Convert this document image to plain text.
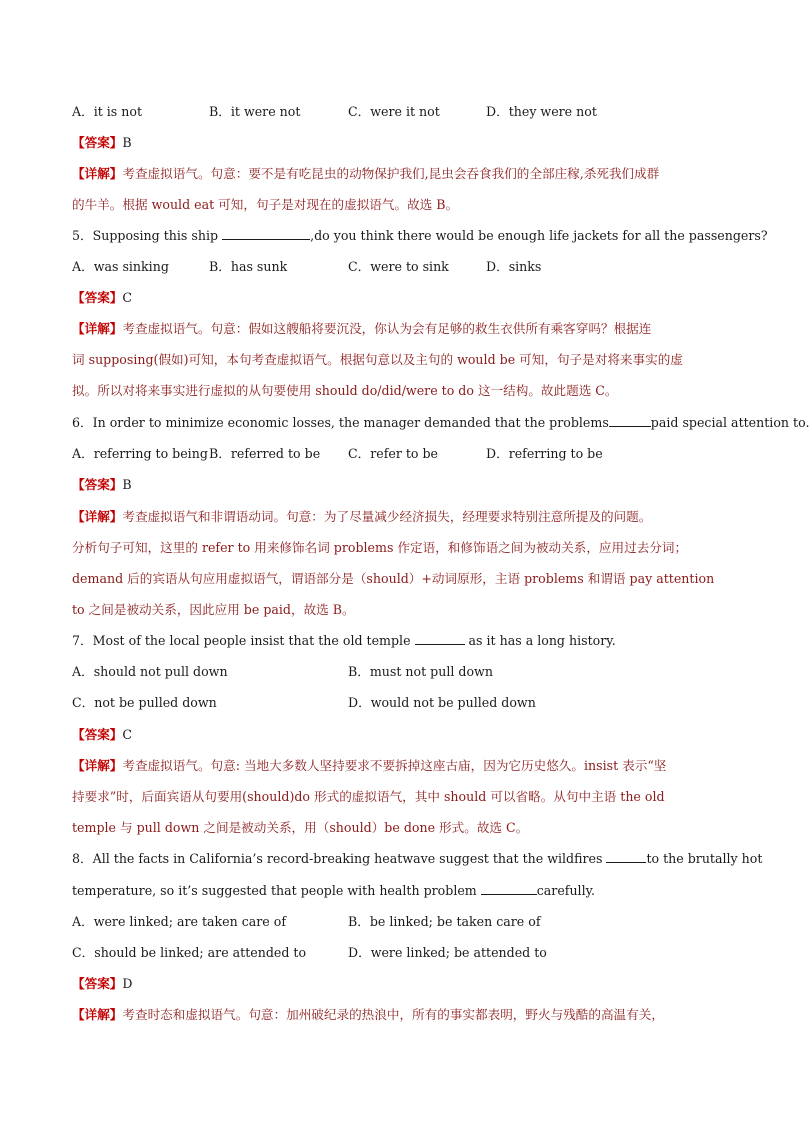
A．it is not	B．it were not	C．were it not	D．they were not
【答案】B
【详解】考查虚拟语气。句意：要不是有吃昆虫的动物保护我们,昆虫会吞食我们的全部庄稼,杀死我们成群
的牛羊。根据 would eat 可知，句子是对现在的虚拟语气。故选 B。
5．Supposing this ship	,do you think there would be enough life jackets for all the passengers?
A．was sinking	B．has sunk	C．were to sink	D．sinks
【答案】C
【详解】考查虚拟语气。句意：假如这艘船将要沉没，你认为会有足够的救生衣供所有乘客穿吗？根据连
词 supposing(假如)可知，本句考查虚拟语气。根据句意以及主句的 would be 可知，句子是对将来事实的虚
拟。所以对将来事实进行虚拟的从句要使用 should do/did/were to do 这一结构。故此题选 C。
6．In order to minimize economic losses, the manager demanded that the problems	paid special attention to.
A．referring to being B．referred to be C．refer to be	D．referring to be
【答案】B
【详解】考查虚拟语气和非谓语动词。句意：为了尽量减少经济损失，经理要求特别注意所提及的问题。
分析句子可知，这里的 refer to 用来修饰名词 problems 作定语，和修饰语之间为被动关系，应用过去分词；
demand 后的宾语从句应用虚拟语气，谓语部分是（should）+动词原形，主语 problems 和谓语 pay attention
to 之间是被动关系，因此应用 be paid，故选 B。
7．Most of the local people insist that the old temple	as it has a long history.
A．should not pull down	B．must not pull down
C．not be pulled down	D．would not be pulled down
【答案】C
【详解】考查虚拟语气。句意: 当地大多数人坚持要求不要拆掉这座古庙，因为它历史悠久。insist 表示“坚
持要求”时，后面宾语从句要用(should)do 形式的虚拟语气，其中 should 可以省略。从句中主语 the old
temple 与 pull down 之间是被动关系，用（should）be done 形式。故选 C。
8．All the facts in California’s record-breaking heatwave suggest that the wildfires	to the brutally hot
temperature, so it’s suggested that people with health problem	carefully.
A．were linked; are taken care of	B．be linked; be taken care of
C．should be linked; are attended to	D．were linked; be attended to
【答案】D
【详解】考查时态和虚拟语气。句意：加州破纪录的热浪中，所有的事实都表明，野火与残酷的高温有关，
